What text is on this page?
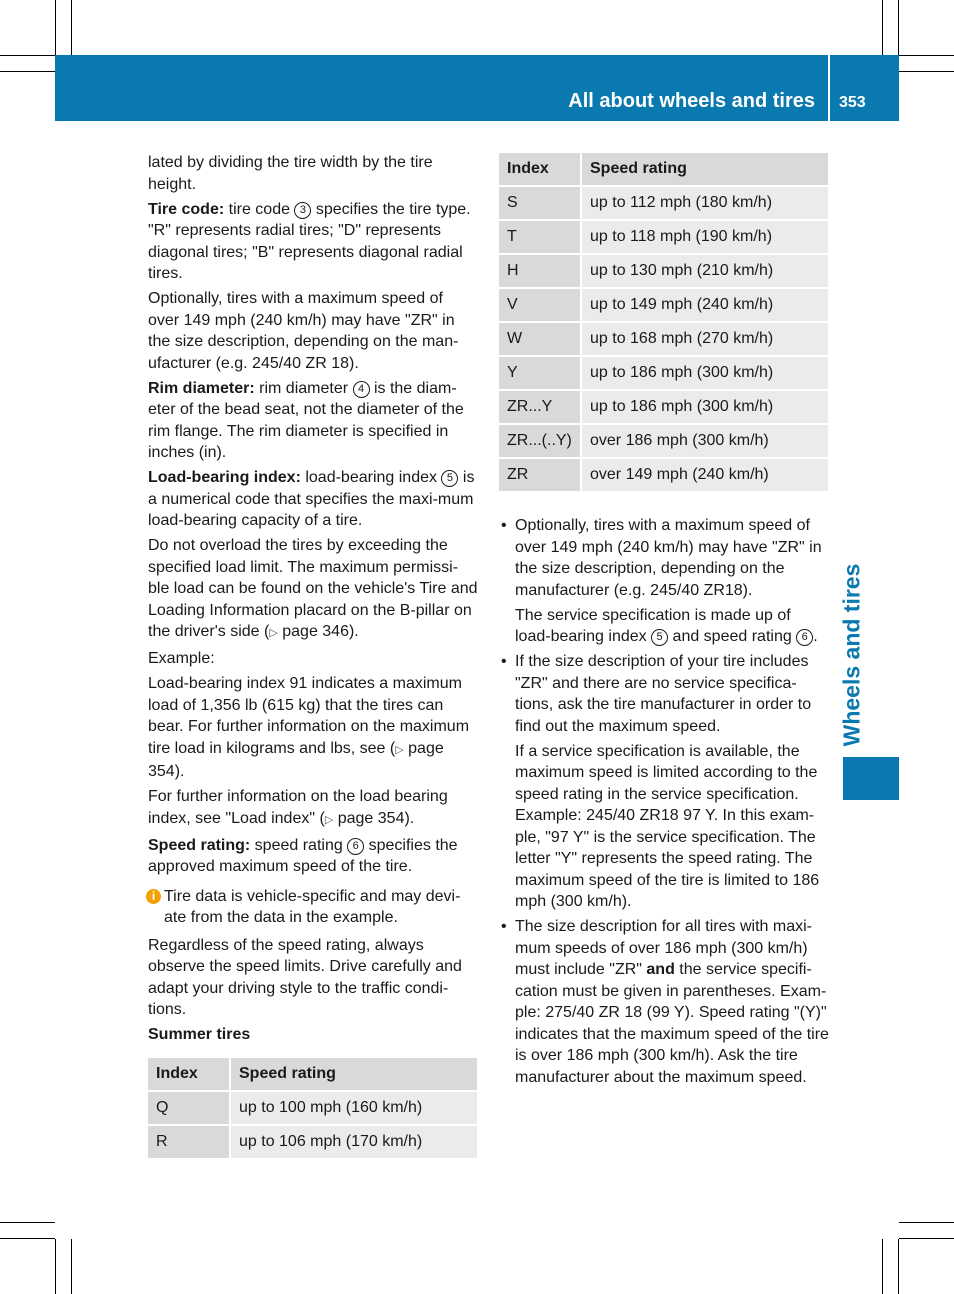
All about wheels and tires 353
Wheels and tires

lated by dividing the tire width by the tire height.

Tire code: tire code 3 specifies the tire type. "R" represents radial tires; "D" represents diagonal tires; "B" represents diagonal radial tires.

Optionally, tires with a maximum speed of over 149 mph (240 km/h) may have "ZR" in the size description, depending on the man-ufacturer (e.g. 245/40 ZR 18).

Rim diameter: rim diameter 4 is the diam-eter of the bead seat, not the diameter of the rim flange. The rim diameter is specified in inches (in).

Load-bearing index: load-bearing index 5 is a numerical code that specifies the maxi-mum load-bearing capacity of a tire.

Do not overload the tires by exceeding the specified load limit. The maximum permissi-ble load can be found on the vehicle's Tire and Loading Information placard on the B-pillar on the driver's side (▷ page 346).

Example:

Load-bearing index 91 indicates a maximum load of 1,356 lb (615 kg) that the tires can bear. For further information on the maximum tire load in kilograms and lbs, see (▷ page 354).

For further information on the load bearing index, see "Load index" (▷ page 354).

Speed rating: speed rating 6 specifies the approved maximum speed of the tire.

i Tire data is vehicle-specific and may devi-ate from the data in the example.

Regardless of the speed rating, always observe the speed limits. Drive carefully and adapt your driving style to the traffic condi-tions.

Summer tires

Index	Speed rating
Q	up to 100 mph (160 km/h)
R	up to 106 mph (170 km/h)
Index	Speed rating
S	up to 112 mph (180 km/h)
T	up to 118 mph (190 km/h)
H	up to 130 mph (210 km/h)
V	up to 149 mph (240 km/h)
W	up to 168 mph (270 km/h)
Y	up to 186 mph (300 km/h)
ZR...Y	up to 186 mph (300 km/h)
ZR...(..Y)	over 186 mph (300 km/h)
ZR	over 149 mph (240 km/h)
• Optionally, tires with a maximum speed of over 149 mph (240 km/h) may have "ZR" in the size description, depending on the manufacturer (e.g. 245/40 ZR18).
The service specification is made up of load-bearing index 5 and speed rating 6 .
• If the size description of your tire includes "ZR" and there are no service specifica-tions, ask the tire manufacturer in order to find out the maximum speed.
If a service specification is available, the maximum speed is limited according to the speed rating in the service specification. Example: 245/40 ZR18 97 Y. In this exam-ple, "97 Y" is the service specification. The letter "Y" represents the speed rating. The maximum speed of the tire is limited to 186 mph (300 km/h).
• The size description for all tires with maxi-mum speeds of over 186 mph (300 km/h) must include "ZR" and the service specifi-cation must be given in parentheses. Exam-ple: 275/40 ZR 18 (99 Y). Speed rating "(Y)" indicates that the maximum speed of the tire is over 186 mph (300 km/h). Ask the tire manufacturer about the maximum speed.
